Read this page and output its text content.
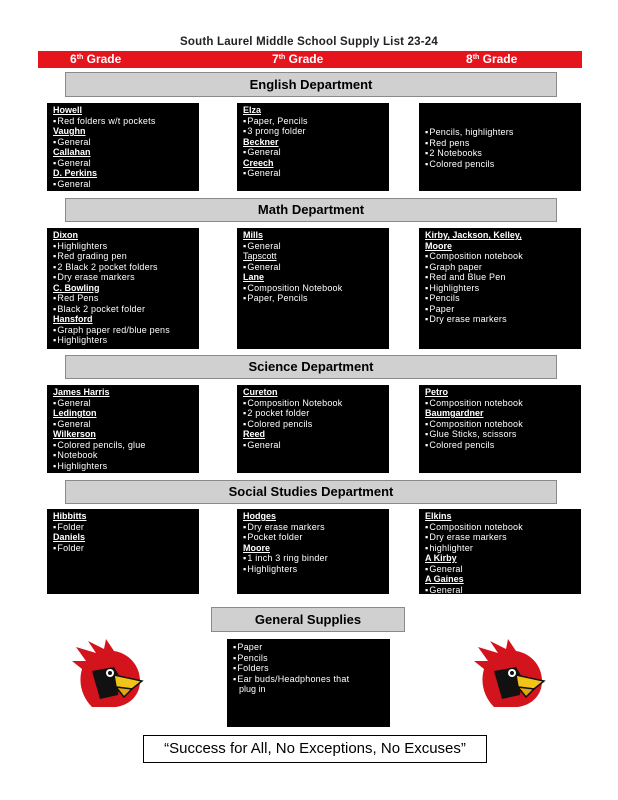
South Laurel Middle School Supply List 23-24
6th Grade	7th Grade	8th Grade
English Department
Howell
▪ Red folders w/t pockets
Vaughn
▪ General
Callahan
▪ General
D. Perkins
▪ General
Elza
▪ Paper, Pencils
▪ 3 prong folder
Beckner
▪ General
Creech
▪ General
▪ Pencils, highlighters
▪ Red pens
▪ 2 Notebooks
▪ Colored pencils
Math Department
Dixon
▪ Highlighters
▪ Red grading pen
▪ 2 Black 2 pocket folders
▪ Dry erase markers
C. Bowling
▪ Red Pens
▪ Black 2 pocket folder
Hansford
▪ Graph paper red/blue pens
▪ Highlighters
Mills
▪ General
Tapscott
▪ General
Lane
▪ Composition Notebook
▪ Paper, Pencils
Kirby, Jackson, Kelley,
Moore
▪ Composition notebook
▪ Graph paper
▪ Red and Blue Pen
▪ Highlighters
▪ Pencils
▪ Paper
▪ Dry erase markers
Science Department
James Harris
▪ General
Ledington
▪ General
Wilkerson
▪ Colored pencils, glue
▪ Notebook
▪ Highlighters
Cureton
▪ Composition Notebook
▪ 2 pocket folder
▪ Colored pencils
Reed
▪ General
Petro
▪ Composition notebook
Baumgardner
▪ Composition notebook
▪ Glue Sticks, scissors
▪ Colored pencils
Social Studies Department
Hibbitts
▪ Folder
Daniels
▪ Folder
Hodges
▪ Dry erase markers
▪ Pocket folder
Moore
▪ 1 inch 3 ring binder
▪ Highlighters
Elkins
▪ Composition notebook
▪ Dry erase markers
▪ highlighter
A Kirby
▪ General
A Gaines
▪ General
General Supplies
▪ Paper
▪ Pencils
▪ Folders
▪ Ear buds/Headphones that
plug in
“Success for All, No Exceptions, No Excuses”
